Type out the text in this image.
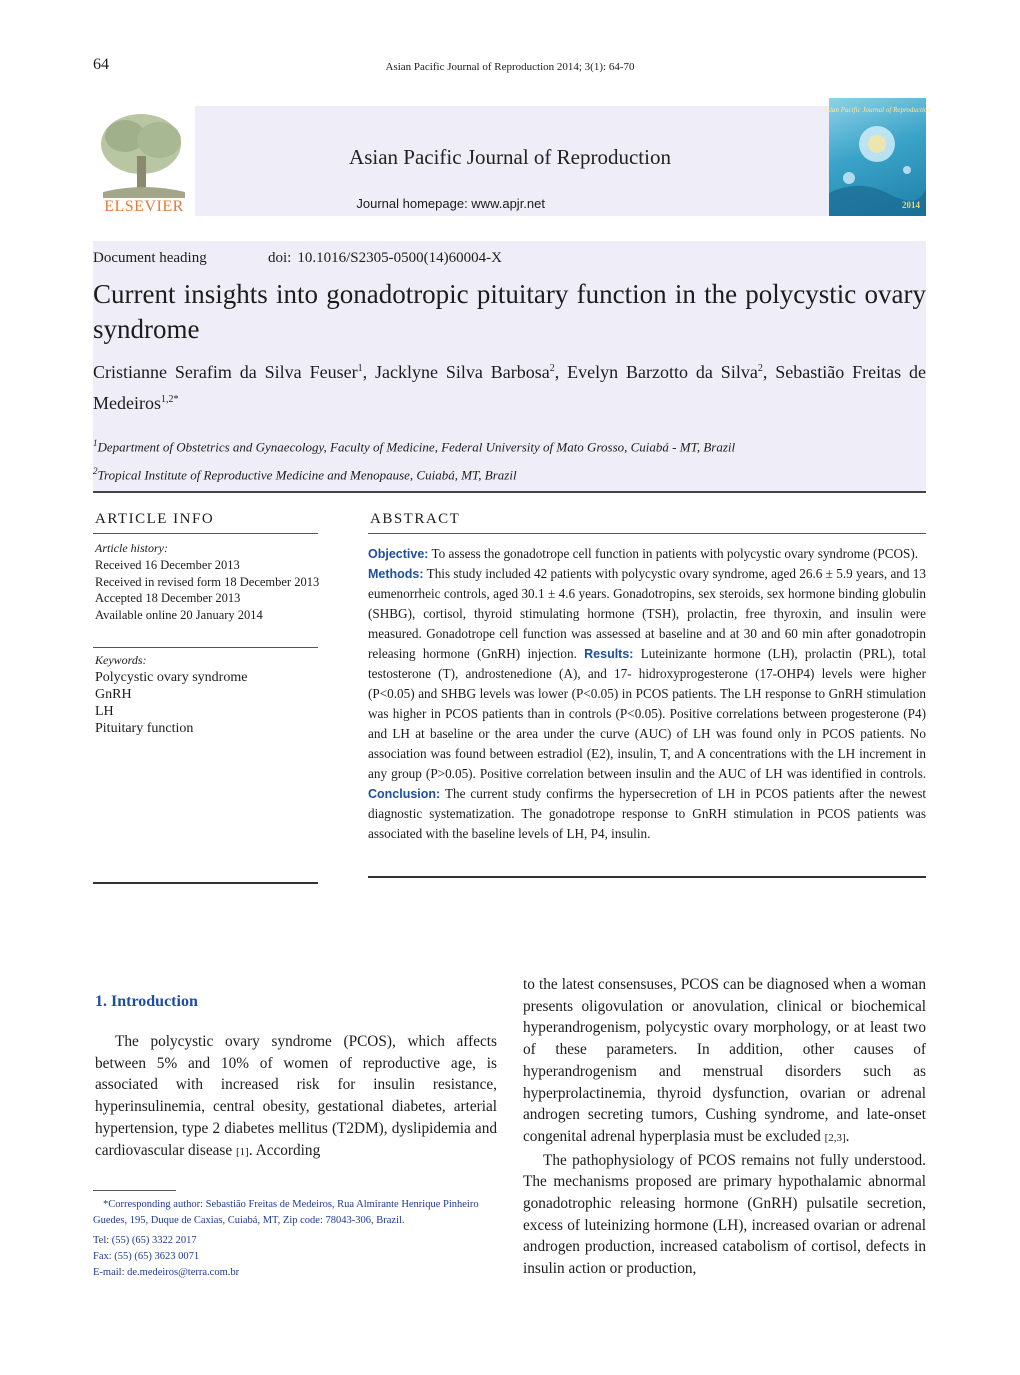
64	Asian Pacific Journal of Reproduction 2014; 3(1): 64-70
ELSEVIER
Asian Pacific Journal of Reproduction
Journal homepage: www.apjr.net
Asian Pacific Journal of Reproduction
2014
Document heading	doi: 10.1016/S2305-0500(14)60004-X
Current insights into gonadotropic pituitary function in the polycystic ovary syndrome
Cristianne Serafim da Silva Feuser$^1$, Jacklyne Silva Barbosa$^2$, Evelyn Barzotto da Silva$^2$, Sebastião Freitas de Medeiros$^{1,2*}$
$^1$Department of Obstetrics and Gynaecology, Faculty of Medicine, Federal University of Mato Grosso, Cuiabá - MT, Brazil
$^2$Tropical Institute of Reproductive Medicine and Menopause, Cuiabá, MT, Brazil
ARTICLE INFO
Article history:
Received 16 December 2013
Received in revised form 18 December 2013
Accepted 18 December 2013
Available online 20 January 2014
Keywords:
Polycystic ovary syndrome
GnRH
LH
Pituitary function
ABSTRACT

Objective: To assess the gonadotrope cell function in patients with polycystic ovary syndrome (PCOS).

Methods: This study included 42 patients with polycystic ovary syndrome, aged 26.6 ± 5.9 years, and 13 eumenorrheic controls, aged 30.1 ± 4.6 years. Gonadotropins, sex steroids, sex hormone binding globulin (SHBG), cortisol, thyroid stimulating hormone (TSH), prolactin, free thyroxin, and insulin were measured. Gonadotrope cell function was assessed at baseline and at 30 and 60 min after gonadotropin releasing hormone (GnRH) injection. Results: Luteinizante hormone (LH), prolactin (PRL), total testosterone (T), androstenedione (A), and 17- hidroxyprogesterone (17-OHP4) levels were higher (P<0.05) and SHBG levels was lower (P<0.05) in PCOS patients. The LH response to GnRH stimulation was higher in PCOS patients than in controls (P<0.05). Positive correlations between progesterone (P4) and LH at baseline or the area under the curve (AUC) of LH was found only in PCOS patients. No association was found between estradiol (E2), insulin, T, and A concentrations with the LH increment in any group (P>0.05). Positive correlation between insulin and the AUC of LH was identified in controls. Conclusion: The current study confirms the hypersecretion of LH in PCOS patients after the newest diagnostic systematization. The gonadotrope response to GnRH stimulation in PCOS patients was associated with the baseline levels of LH, P4, insulin.

1. Introduction

The polycystic ovary syndrome (PCOS), which affects between 5% and 10% of women of reproductive age, is associated with increased risk for insulin resistance, hyperinsulinemia, central obesity, gestational diabetes, arterial hypertension, type 2 diabetes mellitus (T2DM), dyslipidemia and cardiovascular disease [1]. According

to the latest consensuses, PCOS can be diagnosed when a woman presents oligovulation or anovulation, clinical or biochemical hyperandrogenism, polycystic ovary morphology, or at least two of these parameters. In addition, other causes of hyperandrogenism and menstrual disorders such as hyperprolactinemia, thyroid dysfunction, ovarian or adrenal androgen secreting tumors, Cushing syndrome, and late-onset congenital adrenal hyperplasia must be excluded [2,3].

The pathophysiology of PCOS remains not fully understood. The mechanisms proposed are primary hypothalamic abnormal gonadotrophic releasing hormone (GnRH) pulsatile secretion, excess of luteinizing hormone (LH), increased ovarian or adrenal androgen production, increased catabolism of cortisol, defects in insulin action or production,

*Corresponding author: Sebastião Freitas de Medeiros, Rua Almirante Henrique Pinheiro Guedes, 195, Duque de Caxias, Cuiabá, MT, Zip code: 78043-306, Brazil.

Tel: (55) (65) 3322 2017

Fax: (55) (65) 3623 0071

E-mail: de.medeiros@terra.com.br
